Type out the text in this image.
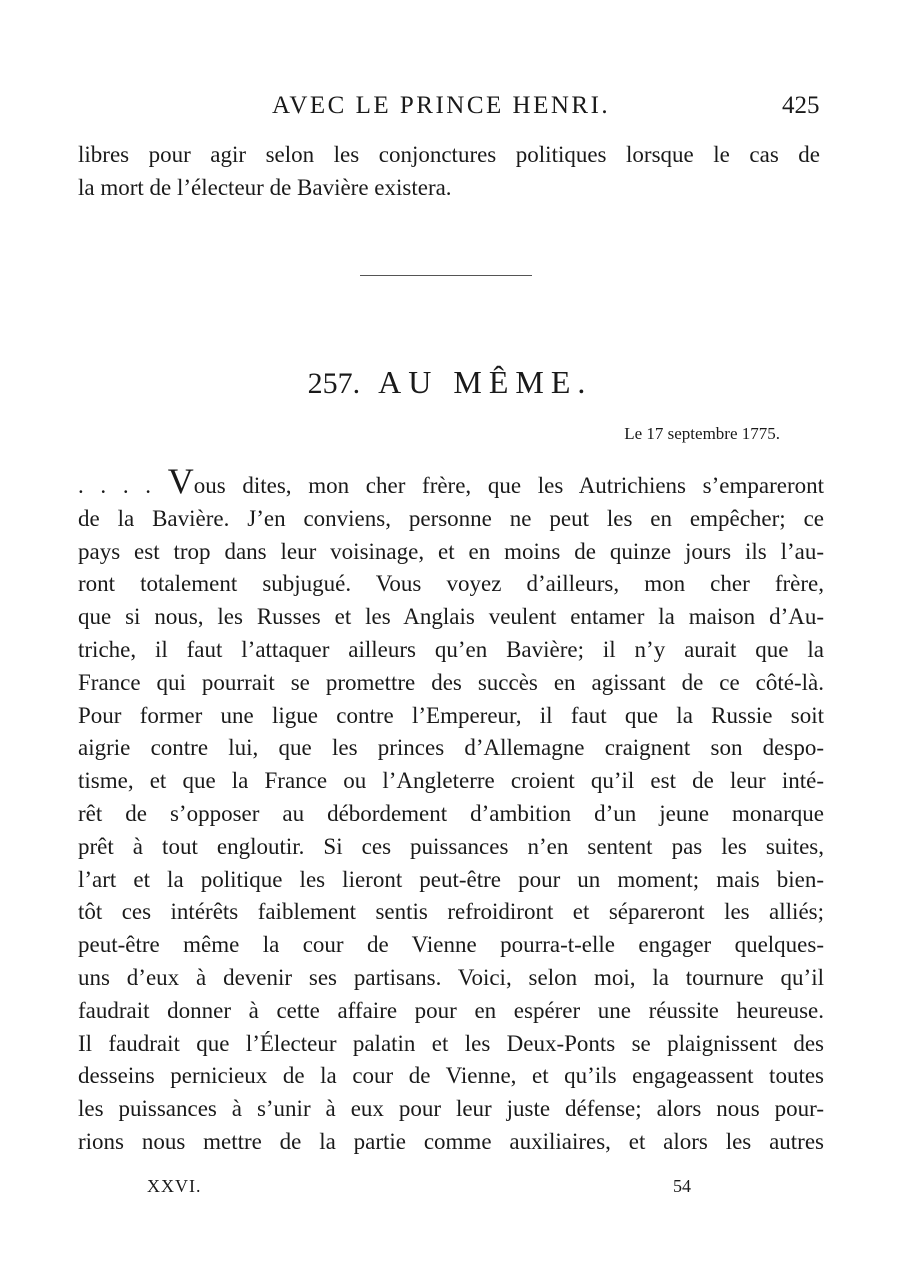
AVEC LE PRINCE HENRI.	425
libres pour agir selon les conjonctures politiques lorsque le cas de
la mort de l’électeur de Bavière existera.
257. AU MÊME.
Le 17 septembre 1775.
. . . . Vous dites, mon cher frère, que les Autrichiens s’empareront
de la Bavière. J’en conviens, personne ne peut les en empêcher; ce
pays est trop dans leur voisinage, et en moins de quinze jours ils l’au-
ront totalement subjugué. Vous voyez d’ailleurs, mon cher frère,
que si nous, les Russes et les Anglais veulent entamer la maison d’Au-
triche, il faut l’attaquer ailleurs qu’en Bavière; il n’y aurait que la
France qui pourrait se promettre des succès en agissant de ce côté-là.
Pour former une ligue contre l’Empereur, il faut que la Russie soit
aigrie contre lui, que les princes d’Allemagne craignent son despo-
tisme, et que la France ou l’Angleterre croient qu’il est de leur inté-
rêt de s’opposer au débordement d’ambition d’un jeune monarque
prêt à tout engloutir. Si ces puissances n’en sentent pas les suites,
l’art et la politique les lieront peut-être pour un moment; mais bien-
tôt ces intérêts faiblement sentis refroidiront et sépareront les alliés;
peut-être même la cour de Vienne pourra-t-elle engager quelques-
uns d’eux à devenir ses partisans. Voici, selon moi, la tournure qu’il
faudrait donner à cette affaire pour en espérer une réussite heureuse.
Il faudrait que l’Électeur palatin et les Deux-Ponts se plaignissent des
desseins pernicieux de la cour de Vienne, et qu’ils engageassent toutes
les puissances à s’unir à eux pour leur juste défense; alors nous pour-
rions nous mettre de la partie comme auxiliaires, et alors les autres
XXVI.	54
